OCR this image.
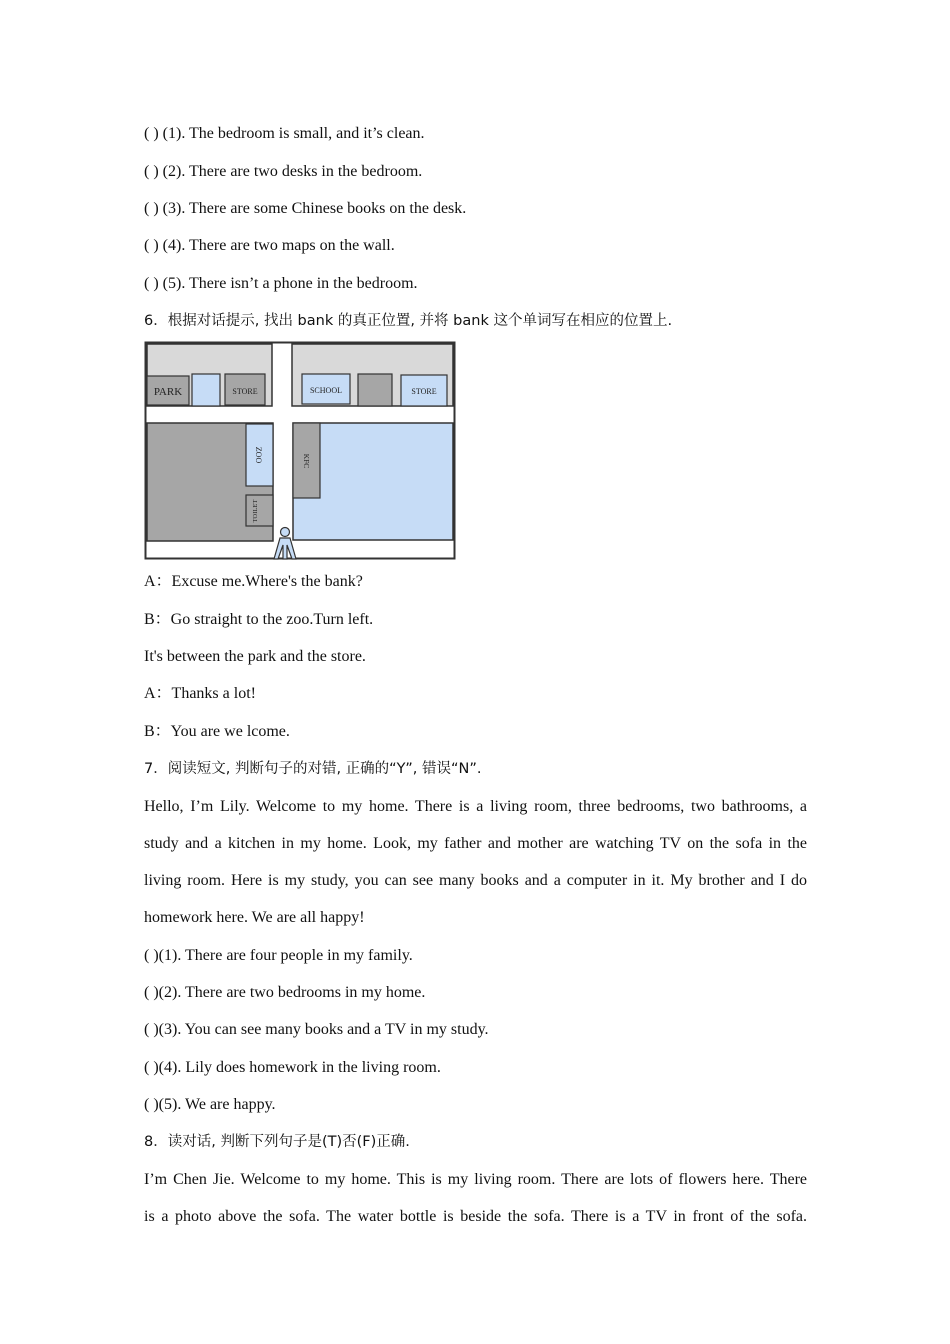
( ) (1). The bedroom is small, and it’s clean.
( ) (2). There are two desks in the bedroom.
( ) (3). There are some Chinese books on the desk.
( ) (4). There are two maps on the wall.
( ) (5). There isn’t a phone in the bedroom.
6．根据对话提示, 找出 bank 的真正位置, 并将 bank 这个单词写在相应的位置上.
PARK	STORE	SCHOOL	STORE
ZOO
TOILET
KFC
A：Excuse me.Where's the bank?
B：Go straight to the zoo.Turn left.
It's between the park and the store.
A：Thanks a lot!
B：You are we lcome.
7．阅读短文, 判断句子的对错, 正确的“Y”, 错误“N”.
Hello, I’m Lily. Welcome to my home. There is a living room, three bedrooms, two bathrooms, a
study and a kitchen in my home. Look, my father and mother are watching TV on the sofa in the
living room. Here is my study, you can see many books and a computer in it. My brother and I do
homework here. We are all happy!
( )(1). There are four people in my family.
( )(2). There are two bedrooms in my home.
( )(3). You can see many books and a TV in my study.
( )(4). Lily does homework in the living room.
( )(5). We are happy.
8．读对话, 判断下列句子是(T)否(F)正确.
I’m Chen Jie. Welcome to my home. This is my living room. There are lots of flowers here. There
is a photo above the sofa. The water bottle is beside the sofa. There is a TV in front of the sofa.
